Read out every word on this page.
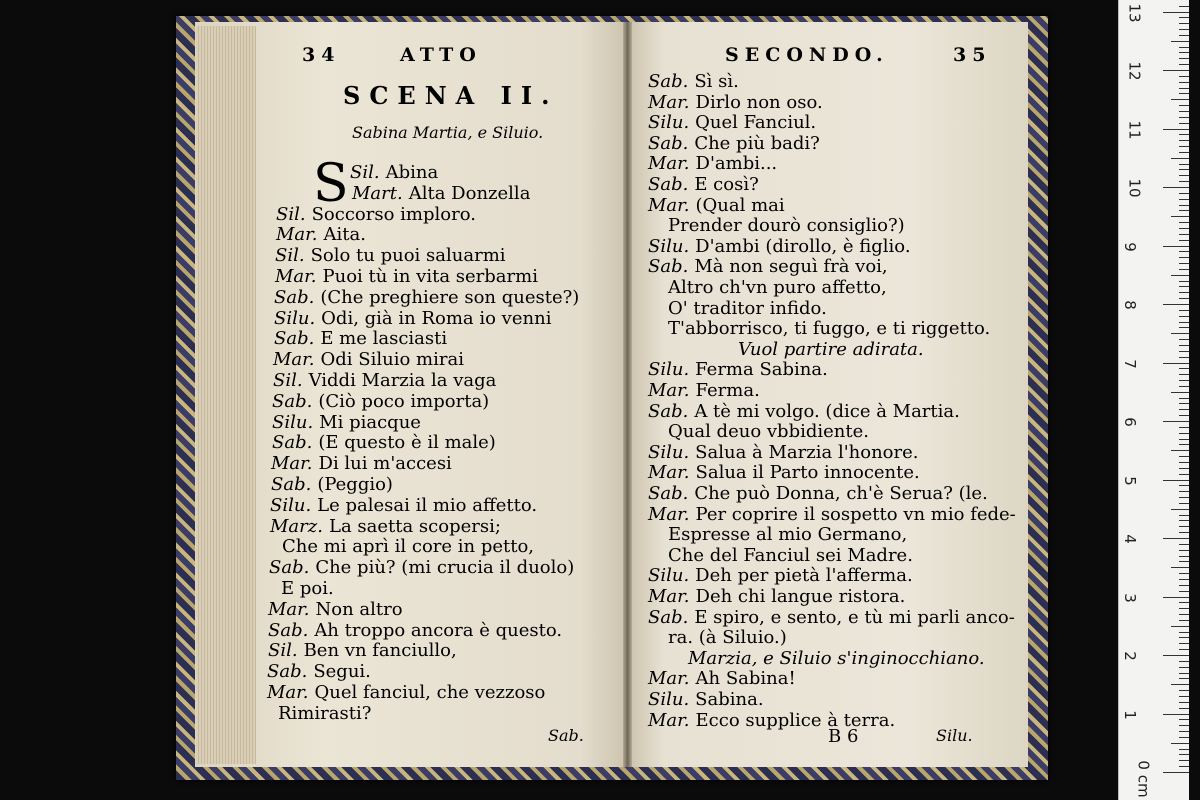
34	ATTO
SCENA II.
Sabina Martia, e Siluio.
S Sil. Abina
Mart. Alta Donzella
Sil. Soccorso imploro.
Mar. Aita.
Sil. Solo tu puoi saluarmi
Mar. Puoi tù in vita serbarmi
Sab. (Che preghiere son queste?)
Silu. Odi, già in Roma io venni
Sab. E me lasciasti
Mar. Odi Siluio mirai
Sil. Viddi Marzia la vaga
Sab. (Ciò poco importa)
Silu. Mi piacque
Sab. (E questo è il male)
Mar. Di lui m'accesi
Sab. (Peggio)
Silu. Le palesai il mio affetto.
Marz. La saetta scopersi;
Che mi aprì il core in petto,
Sab. Che più? (mi crucia il duolo)
E poi.
Mar. Non altro
Sab. Ah troppo ancora è questo.
Sil. Ben vn fanciullo,
Sab. Segui.
Mar. Quel fanciul, che vezzoso
Rimirasti?
Sab.
SECONDO.	35
Sab. Sì sì.
Mar. Dirlo non oso.
Silu. Quel Fanciul.
Sab. Che più badi?
Mar. D'ambi...
Sab. E così?
Mar. (Qual mai
Prender dourò consiglio?)
Silu. D'ambi (dirollo, è figlio.
Sab. Mà non seguì frà voi,
Altro ch'vn puro affetto,
O' traditor infido.
T'abborrisco, ti fuggo, e ti riggetto.
Vuol partire adirata.
Silu. Ferma Sabina.
Mar. Ferma.
Sab. A tè mi volgo. (dice à Martia.
Qual deuo vbbidiente.
Silu. Salua à Marzia l'honore.
Mar. Salua il Parto innocente.
Sab. Che può Donna, ch'è Serua? (le.
Mar. Per coprire il sospetto vn mio fede-
Espresse al mio Germano,
Che del Fanciul sei Madre.
Silu. Deh per pietà l'afferma.
Mar. Deh chi langue ristora.
Sab. E spiro, e sento, e tù mi parli anco-
ra. (à Siluio.)
Marzia, e Siluio s'inginocchiano.
Mar. Ah Sabina!
Silu. Sabina.
Mar. Ecco supplice à terra.
B 6	Silu.
0 cm
1
2
3
4
5
6
7
8
9
10
11
12
13
